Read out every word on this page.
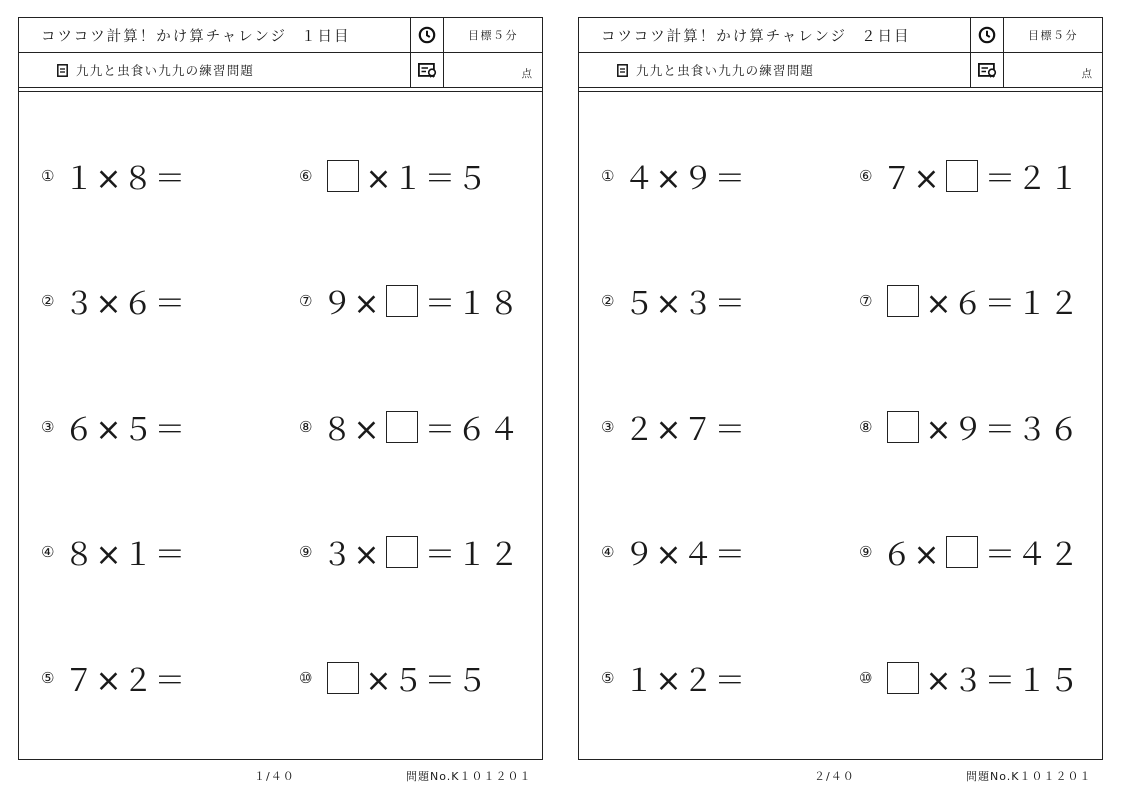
コツコツ計算！かけ算チャレンジ １日目	目標５分
九九と虫食い九九の練習問題	点
① １×８＝
② ３×６＝
③ ６×５＝
④ ８×１＝
⑤ ７×２＝
⑥ ×１＝５
⑦ ９× ＝１８
⑧ ８× ＝６４
⑨ ３× ＝１２
⑩ ×５＝５
コツコツ計算！かけ算チャレンジ ２日目	目標５分
九九と虫食い九九の練習問題	点
① ４×９＝
② ５×３＝
③ ２×７＝
④ ９×４＝
⑤ １×２＝
⑥ ７× ＝２１
⑦ ×６＝１２
⑧ ×９＝３６
⑨ ６× ＝４２
⑩ ×３＝１５
１/４０	問題No.K１０１２０１	２/４０	問題No.K１０１２０１
